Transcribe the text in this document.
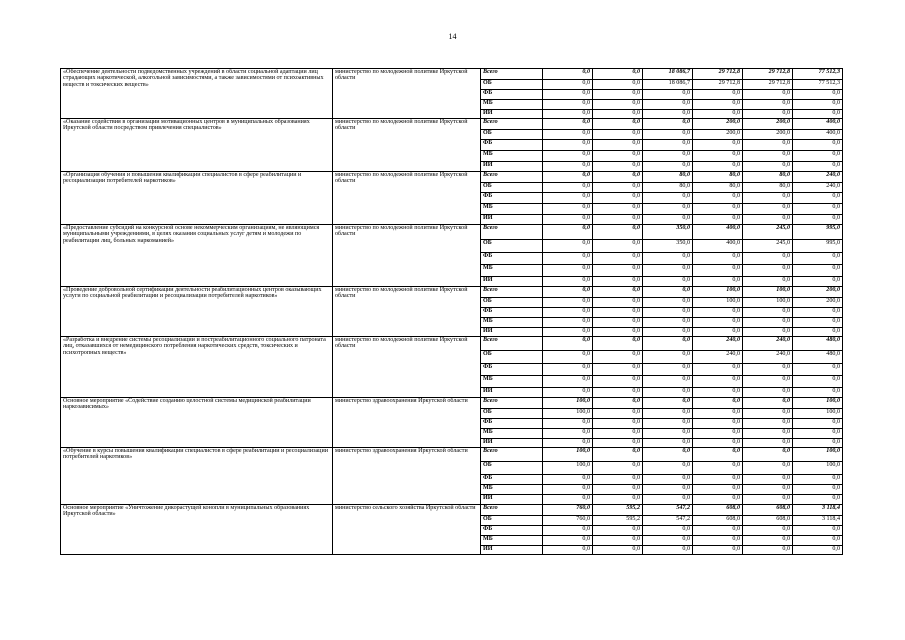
14
«Обеспечение деятельности подведомственных учреждений в области социальной адаптации лиц страдающих наркотической, алкогольной зависимостями, а также зависимостями от психоактивных веществ и токсических веществ»	министерство по молодежной политике Иркутской области	Всего	0,0	0,0	18 086,7	29 712,8	29 712,8	77 512,3
		ОБ	0,0	0,0	18 086,7	29 712,8	29 712,8	77 512,3
		ФБ	0,0	0,0	0,0	0,0	0,0	0,0
		МБ	0,0	0,0	0,0	0,0	0,0	0,0
		ИИ	0,0	0,0	0,0	0,0	0,0	0,0
«Оказание содействия в организации мотивационных центров в муниципальных образованиях Иркутской области посредством привлечения специалистов»	министерство по молодежной политике Иркутской области	Всего	0,0	0,0	0,0	200,0	200,0	400,0
		ОБ	0,0	0,0	0,0	200,0	200,0	400,0
		ФБ	0,0	0,0	0,0	0,0	0,0	0,0
		МБ	0,0	0,0	0,0	0,0	0,0	0,0
		ИИ	0,0	0,0	0,0	0,0	0,0	0,0
«Организация обучения и повышения квалификации специалистов в сфере реабилитации и ресоциализации потребителей наркотиков»	министерство по молодежной политике Иркутской области	Всего	0,0	0,0	80,0	80,0	80,0	240,0
		ОБ	0,0	0,0	80,0	80,0	80,0	240,0
		ФБ	0,0	0,0	0,0	0,0	0,0	0,0
		МБ	0,0	0,0	0,0	0,0	0,0	0,0
		ИИ	0,0	0,0	0,0	0,0	0,0	0,0
«Предоставление субсидий на конкурсной основе некоммерческим организациям, не являющимся муниципальными учреждениями, в целях оказания социальных услуг детям и молодежи по реабилитации лиц, больных наркоманией»	министерство по молодежной политике Иркутской области	Всего	0,0	0,0	350,0	400,0	245,0	995,0
		ОБ	0,0	0,0	350,0	400,0	245,0	995,0
		ФБ	0,0	0,0	0,0	0,0	0,0	0,0
		МБ	0,0	0,0	0,0	0,0	0,0	0,0
		ИИ	0,0	0,0	0,0	0,0	0,0	0,0
«Проведение добровольной сертификации деятельности реабилитационных центров оказывающих услуги по социальной реабилитации и ресоциализации потребителей наркотиков»	министерство по молодежной политике Иркутской области	Всего	0,0	0,0	0,0	100,0	100,0	200,0
		ОБ	0,0	0,0	0,0	100,0	100,0	200,0
		ФБ	0,0	0,0	0,0	0,0	0,0	0,0
		МБ	0,0	0,0	0,0	0,0	0,0	0,0
		ИИ	0,0	0,0	0,0	0,0	0,0	0,0
«Разработка и внедрение системы ресоциализации и постреабилитационного социального патроната лиц, отказавшихся от немедицинского потребления наркотических средств, токсических и психотропных веществ»	министерство по молодежной политике Иркутской области	Всего	0,0	0,0	0,0	240,0	240,0	480,0
		ОБ	0,0	0,0	0,0	240,0	240,0	480,0
		ФБ	0,0	0,0	0,0	0,0	0,0	0,0
		МБ	0,0	0,0	0,0	0,0	0,0	0,0
		ИИ	0,0	0,0	0,0	0,0	0,0	0,0
Основное мероприятие «Содействие созданию целостной системы медицинской реабилитации наркозависимых»	министерство здравоохранения Иркутской области	Всего	100,0	0,0	0,0	0,0	0,0	100,0
		ОБ	100,0	0,0	0,0	0,0	0,0	100,0
		ФБ	0,0	0,0	0,0	0,0	0,0	0,0
		МБ	0,0	0,0	0,0	0,0	0,0	0,0
		ИИ	0,0	0,0	0,0	0,0	0,0	0,0
«Обучение в курсы повышения квалификации специалистов в сфере реабилитации и ресоциализации потребителей наркотиков»	министерство здравоохранения Иркутской области	Всего	100,0	0,0	0,0	0,0	0,0	100,0
		ОБ	100,0	0,0	0,0	0,0	0,0	100,0
		ФБ	0,0	0,0	0,0	0,0	0,0	0,0
		МБ	0,0	0,0	0,0	0,0	0,0	0,0
		ИИ	0,0	0,0	0,0	0,0	0,0	0,0
Основное мероприятие «Уничтожение дикорастущей конопли в муниципальных образованиях Иркутской области»	министерство сельского хозяйства Иркутской области	Всего	760,0	595,2	547,2	608,0	608,0	3 118,4
		ОБ	760,0	595,2	547,2	608,0	608,0	3 118,4
		ФБ	0,0	0,0	0,0	0,0	0,0	0,0
		МБ	0,0	0,0	0,0	0,0	0,0	0,0
		ИИ	0,0	0,0	0,0	0,0	0,0	0,0
